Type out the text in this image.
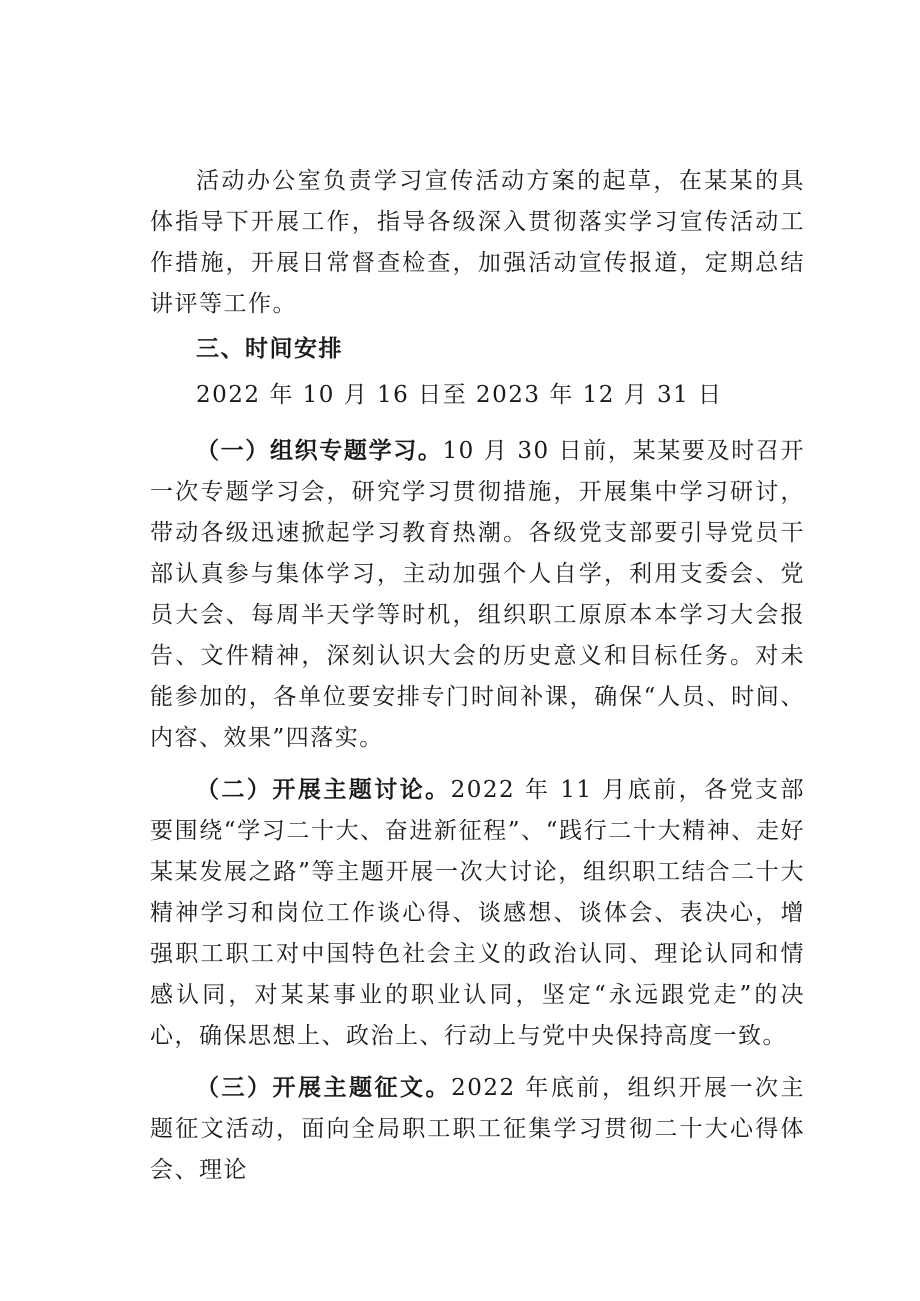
活动办公室负责学习宣传活动方案的起草，在某某的具体指导下开展工作，指导各级深入贯彻落实学习宣传活动工作措施，开展日常督查检查，加强活动宣传报道，定期总结讲评等工作。

三、时间安排

2022 年 10 月 16 日至 2023 年 12 月 31 日

（一）组织专题学习。10 月 30 日前，某某要及时召开一次专题学习会，研究学习贯彻措施，开展集中学习研讨，带动各级迅速掀起学习教育热潮。各级党支部要引导党员干部认真参与集体学习，主动加强个人自学，利用支委会、党员大会、每周半天学等时机，组织职工原原本本学习大会报告、文件精神，深刻认识大会的历史意义和目标任务。对未能参加的，各单位要安排专门时间补课，确保“人员、时间、内容、效果”四落实。

（二）开展主题讨论。2022 年 11 月底前，各党支部要围绕“学习二十大、奋进新征程”、“践行二十大精神、走好某某发展之路”等主题开展一次大讨论，组织职工结合二十大精神学习和岗位工作谈心得、谈感想、谈体会、表决心，增强职工职工对中国特色社会主义的政治认同、理论认同和情感认同，对某某事业的职业认同，坚定“永远跟党走”的决心，确保思想上、政治上、行动上与党中央保持高度一致。

（三）开展主题征文。2022 年底前，组织开展一次主题征文活动，面向全局职工职工征集学习贯彻二十大心得体会、理论
